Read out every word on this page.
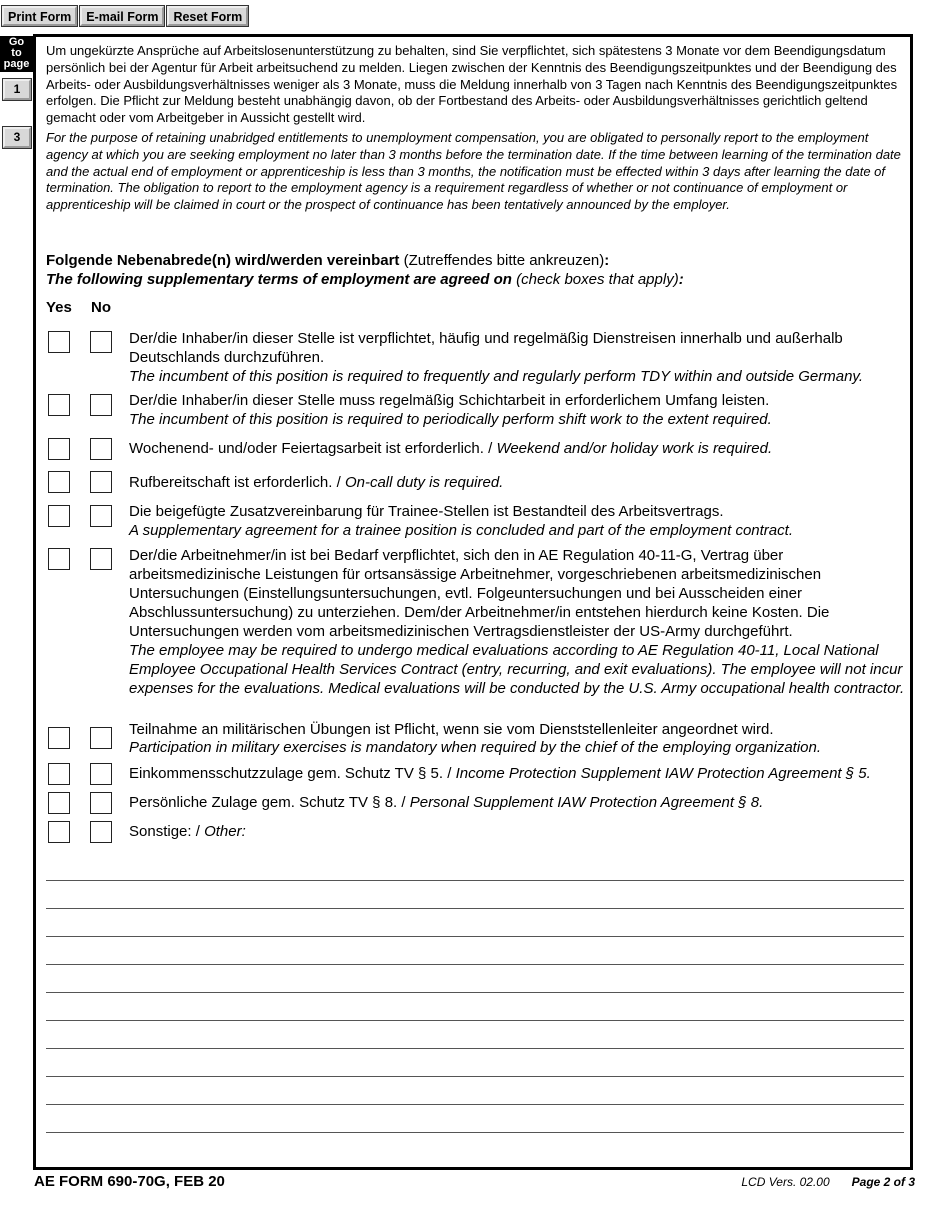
Print Form	E-mail Form	Reset Form
Go
to
page
1
3
Um ungekürzte Ansprüche auf Arbeitslosenunterstützung zu behalten, sind Sie verpflichtet, sich spätestens 3 Monate vor dem Beendigungsdatum persönlich bei der Agentur für Arbeit arbeitsuchend zu melden. Liegen zwischen der Kenntnis des Beendigungszeitpunktes und der Beendigung des Arbeits- oder Ausbildungsverhältnisses weniger als 3 Monate, muss die Meldung innerhalb von 3 Tagen nach Kenntnis des Beendigungszeitpunktes erfolgen. Die Pflicht zur Meldung besteht unabhängig davon, ob der Fortbestand des Arbeits- oder Ausbildungsverhältnisses gerichtlich geltend gemacht oder vom Arbeitgeber in Aussicht gestellt wird.
For the purpose of retaining unabridged entitlements to unemployment compensation, you are obligated to personally report to the employment agency at which you are seeking employment no later than 3 months before the termination date. If the time between learning of the termination date and the actual end of employment or apprenticeship is less than 3 months, the notification must be effected within 3 days after learning the date of termination. The obligation to report to the employment agency is a requirement regardless of whether or not continuance of employment or apprenticeship will be claimed in court or the prospect of continuance has been tentatively announced by the employer.
Folgende Nebenabrede(n) wird/werden vereinbart (Zutreffendes bitte ankreuzen):
The following supplementary terms of employment are agreed on (check boxes that apply):
Yes No
Der/die Inhaber/in dieser Stelle ist verpflichtet, häufig und regelmäßig Dienstreisen innerhalb und außerhalb Deutschlands durchzuführen.
The incumbent of this position is required to frequently and regularly perform TDY within and outside Germany.
Der/die Inhaber/in dieser Stelle muss regelmäßig Schichtarbeit in erforderlichem Umfang leisten.
The incumbent of this position is required to periodically perform shift work to the extent required.
Wochenend- und/oder Feiertagsarbeit ist erforderlich. / Weekend and/or holiday work is required.
Rufbereitschaft ist erforderlich. / On-call duty is required.
Die beigefügte Zusatzvereinbarung für Trainee-Stellen ist Bestandteil des Arbeitsvertrags.
A supplementary agreement for a trainee position is concluded and part of the employment contract.
Der/die Arbeitnehmer/in ist bei Bedarf verpflichtet, sich den in AE Regulation 40-11-G, Vertrag über arbeitsmedizinische Leistungen für ortsansässige Arbeitnehmer, vorgeschriebenen arbeitsmedizinischen Untersuchungen (Einstellungsuntersuchungen, evtl. Folgeuntersuchungen und bei Ausscheiden einer Abschlussuntersuchung) zu unterziehen. Dem/der Arbeitnehmer/in entstehen hierdurch keine Kosten. Die Untersuchungen werden vom arbeitsmedizinischen Vertragsdienstleister der US-Army durchgeführt.
The employee may be required to undergo medical evaluations according to AE Regulation 40-11, Local National Employee Occupational Health Services Contract (entry, recurring, and exit evaluations). The employee will not incur expenses for the evaluations. Medical evaluations will be conducted by the U.S. Army occupational health contractor.
Teilnahme an militärischen Übungen ist Pflicht, wenn sie vom Dienststellenleiter angeordnet wird.
Participation in military exercises is mandatory when required by the chief of the employing organization.
Einkommensschutzzulage gem. Schutz TV § 5. / Income Protection Supplement IAW Protection Agreement § 5.
Persönliche Zulage gem. Schutz TV § 8. / Personal Supplement IAW Protection Agreement § 8.
Sonstige: / Other:
AE FORM 690-70G, FEB 20	LCD Vers. 02.00 Page 2 of 3
